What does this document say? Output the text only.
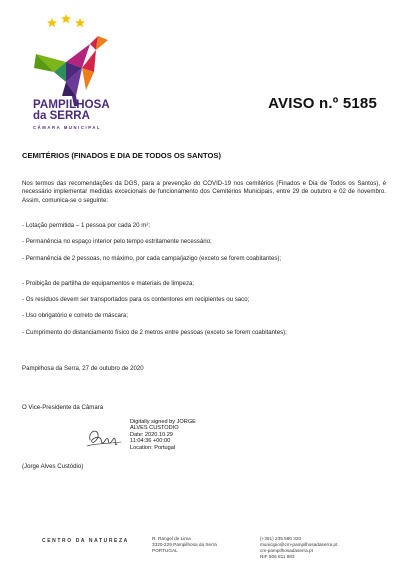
PAMPILHOSA
da SERRA
CÂMARA MUNICIPAL
AVISO n.º 5185
CEMITÉRIOS (FINADOS E DIA DE TODOS OS SANTOS)
Nos termos das recomendações da DGS, para a prevenção do COVID-19 nos cemitérios (Finados e Dia de Todos os Santos), é necessário implementar medidas excecionais de funcionamento dos Cemitérios Municipais, entre 29 de outubro e 02 de novembro. Assim, comunica-se o seguinte:
- Lotação permitida – 1 pessoa por cada 20 m²;
- Permanência no espaço interior pelo tempo estritamente necessário;
- Permanência de 2 pessoas, no máximo, por cada campa/jazigo (exceto se forem coabitantes);
- Proibição de partilha de equipamentos e materiais de limpeza;
- Os resíduos devem ser transportados para os contentores em recipientes ou saco;
- Uso obrigatório e correto de máscara;
- Cumprimento do distanciamento físico de 2 metros entre pessoas (exceto se forem coabitantes);
Pampilhosa da Serra, 27 de outubro de 2020
O Vice-Presidente da Câmara
Digitally signed by JORGE
ALVES CUSTODIO
Date: 2020.10.29
11:04:36 +00:00
Location: Portugal
(Jorge Alves Custódio)
CENTRO DA NATUREZA	R. Rangel de Lima
3320-229 Pampilhosa da Serra
PORTUGAL
(+351) 235 590 320
municipio@cm-pampilhosadaserra.pt
cm-pampilhosadaserra.pt
NIF 506 811 883
